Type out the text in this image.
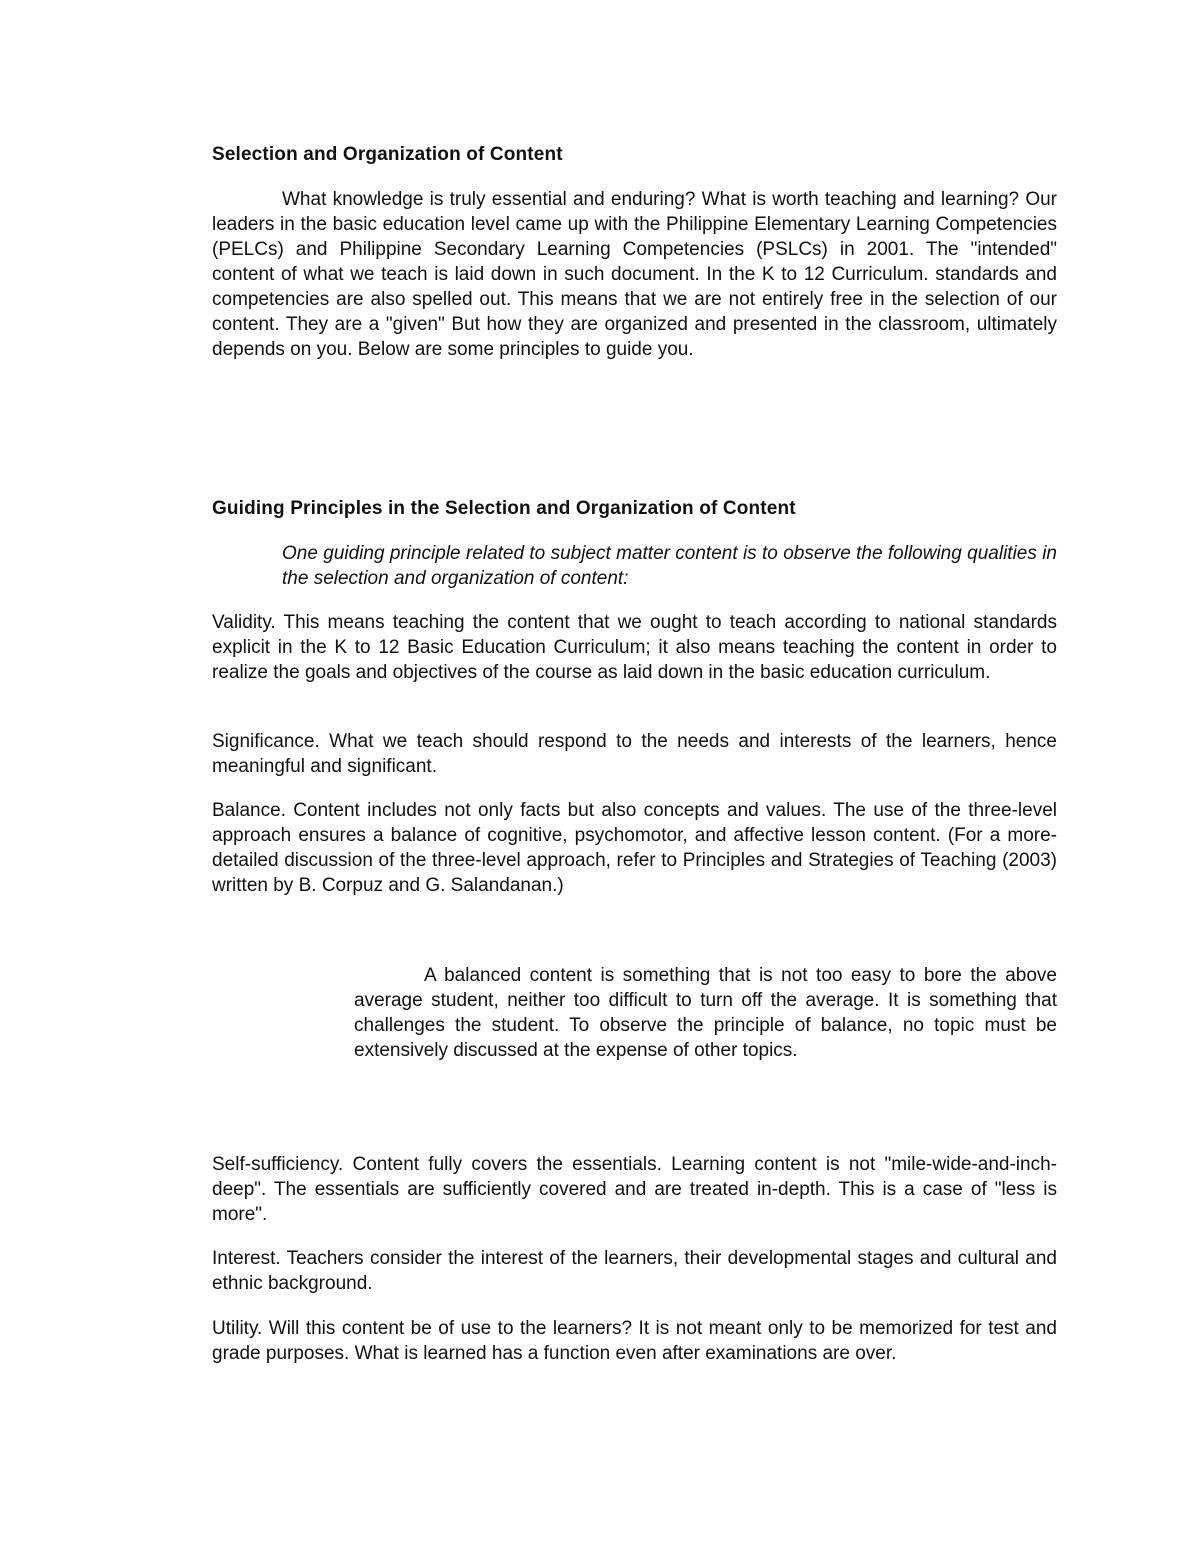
Selection and Organization of Content

What knowledge is truly essential and enduring? What is worth teaching and learning? Our leaders in the basic education level came up with the Philippine Elementary Learning Competencies (PELCs) and Philippine Secondary Learning Competencies (PSLCs) in 2001. The "intended" content of what we teach is laid down in such document. In the K to 12 Curriculum. standards and competencies are also spelled out. This means that we are not entirely free in the selection of our content. They are a "given" But how they are organized and presented in the classroom, ultimately depends on you. Below are some principles to guide you.

Guiding Principles in the Selection and Organization of Content
One guiding principle related to subject matter content is to observe the following qualities in the selection and organization of content:

Validity. This means teaching the content that we ought to teach according to national standards explicit in the K to 12 Basic Education Curriculum; it also means teaching the content in order to realize the goals and objectives of the course as laid down in the basic education curriculum.

Significance. What we teach should respond to the needs and interests of the learners, hence meaningful and significant.

Balance. Content includes not only facts but also concepts and values. The use of the three-level approach ensures a balance of cognitive, psychomotor, and affective lesson content. (For a more-detailed discussion of the three-level approach, refer to Principles and Strategies of Teaching (2003) written by B. Corpuz and G. Salandanan.)

A balanced content is something that is not too easy to bore the above average student, neither too difficult to turn off the average. It is something that challenges the student. To observe the principle of balance, no topic must be extensively discussed at the expense of other topics.

Self-sufficiency. Content fully covers the essentials. Learning content is not "mile-wide-and-inch-deep". The essentials are sufficiently covered and are treated in-depth. This is a case of "less is more".

Interest. Teachers consider the interest of the learners, their developmental stages and cultural and ethnic background.

Utility. Will this content be of use to the learners? It is not meant only to be memorized for test and grade purposes. What is learned has a function even after examinations are over.
